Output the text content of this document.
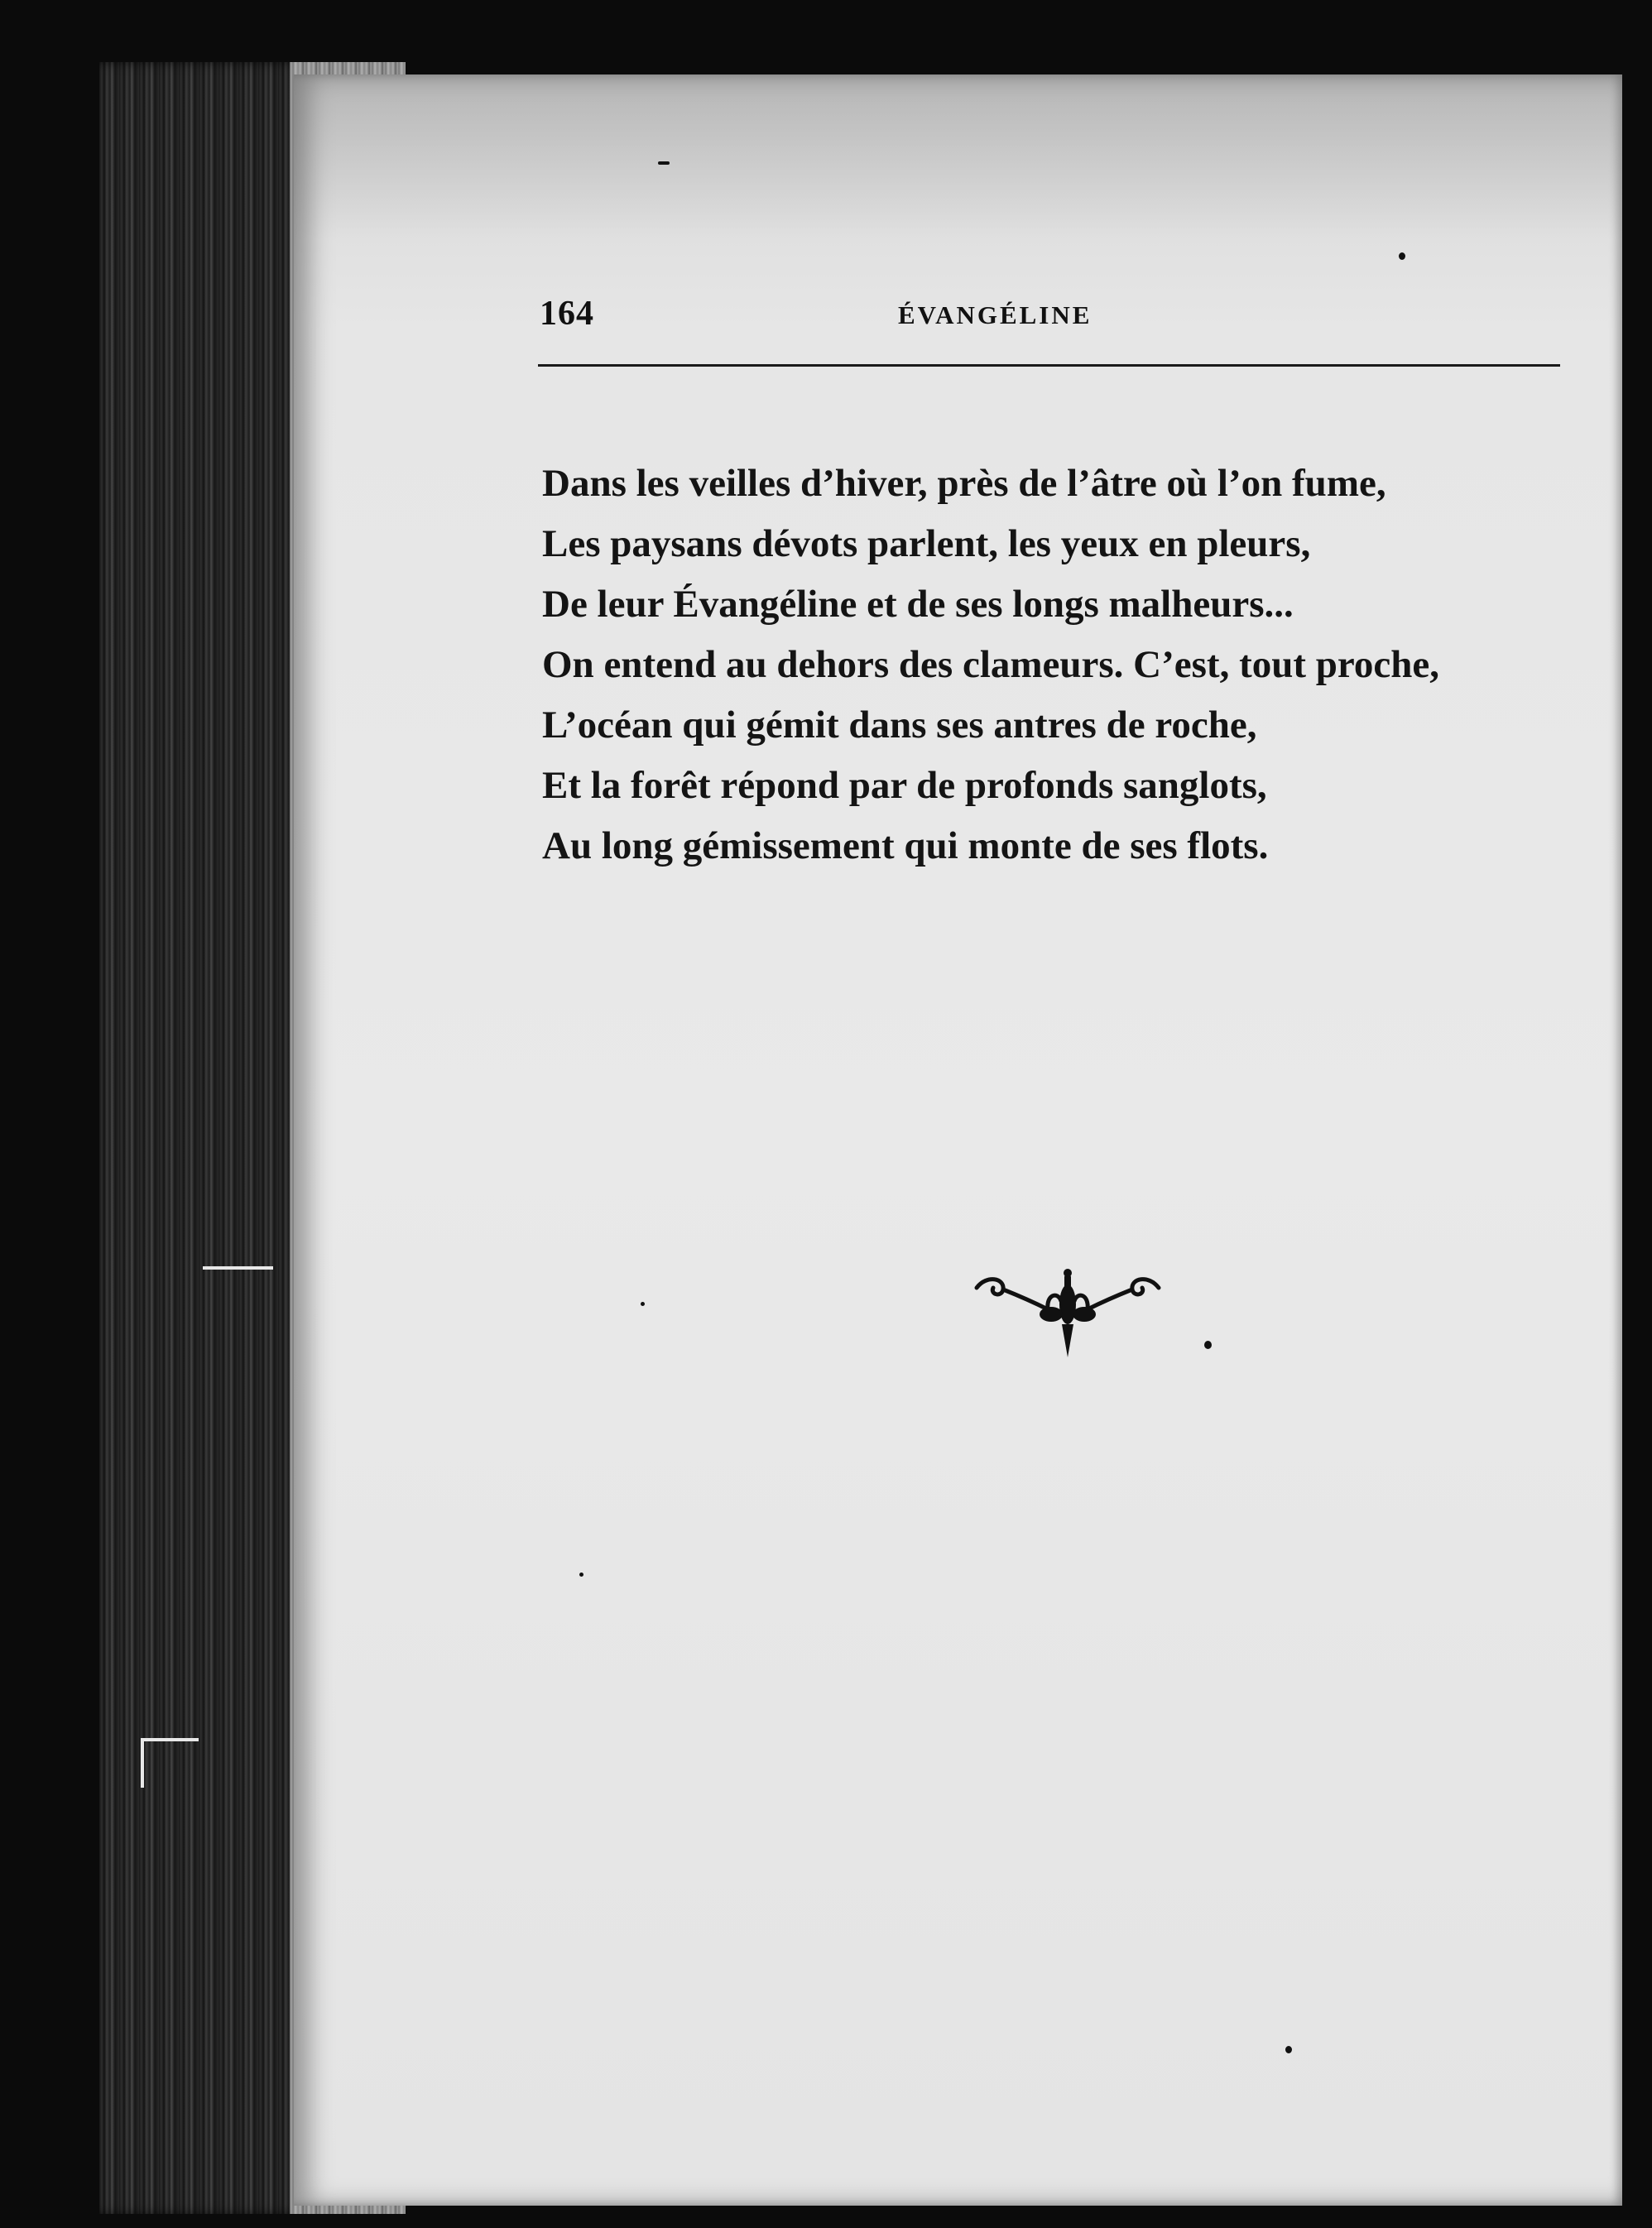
164	ÉVANGÉLINE
Dans les veilles d’hiver, près de l’âtre où l’on fume,
Les paysans dévots parlent, les yeux en pleurs,
De leur Évangéline et de ses longs malheurs...
On entend au dehors des clameurs. C’est, tout proche,
L’océan qui gémit dans ses antres de roche,
Et la forêt répond par de profonds sanglots,
Au long gémissement qui monte de ses flots.
